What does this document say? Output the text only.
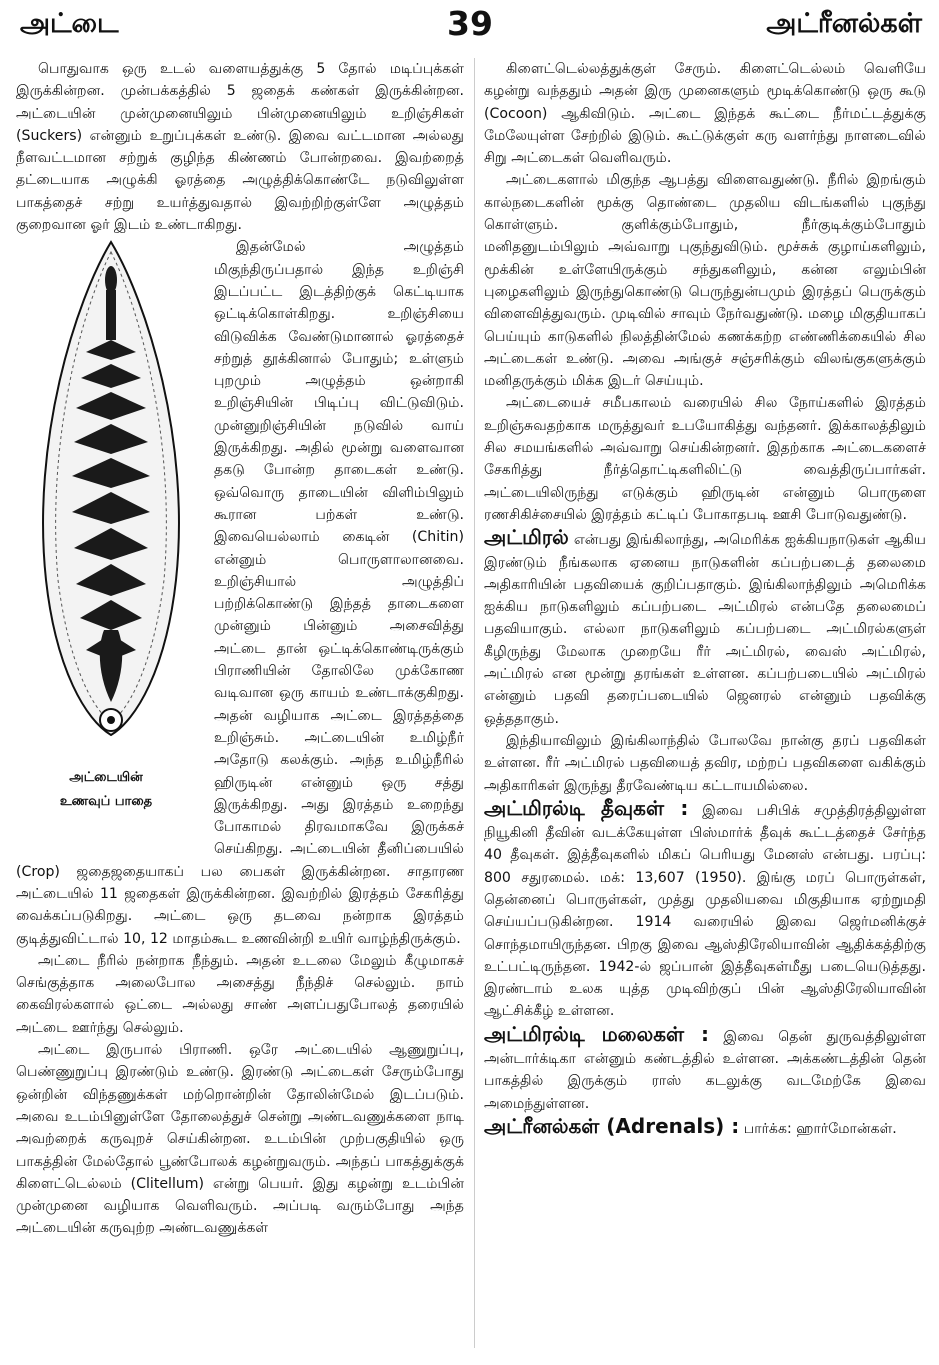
அட்டை	39	அட்ரீனல்கள்

பொதுவாக ஒரு உடல் வளையத்துக்கு 5 தோல் மடிப்புக்கள் இருக்கின்றன. முன்பக்கத்தில் 5 ஜதைக் கண்கள் இருக்கின்றன. அட்டையின் முன்முனையிலும் பின்முனையிலும் உறிஞ்சிகள் (Suckers) என்னும் உறுப்புக்கள் உண்டு. இவை வட்டமான அல்லது நீளவட்டமான சற்றுக் குழிந்த கிண்ணம் போன்றவை. இவற்றைத் தட்டையாக அழுக்கி ஓரத்தை அழுத்திக்கொண்டே நடுவிலுள்ள பாகத்தைச் சற்று உயர்த்துவதால் இவற்றிற்குள்ளே அழுத்தம் குறைவான ஓர் இடம் உண்டாகிறது.

அட்டையின்
உணவுப் பாதை

இதன்மேல் அழுத்தம் மிகுந்திருப்பதால் இந்த உறிஞ்சி இடப்பட்ட இடத்திற்குக் கெட்டியாக ஒட்டிக்கொள்கிறது. உறிஞ்சியை விடுவிக்க வேண்டுமானால் ஓரத்தைச் சற்றுத் தூக்கினால் போதும்; உள்ளும் புறமும் அழுத்தம் ஒன்றாகி உறிஞ்சியின் பிடிப்பு விட்டுவிடும். முன்னுறிஞ்சியின் நடுவில் வாய் இருக்கிறது. அதில் மூன்று வளைவான தகடு போன்ற தாடைகள் உண்டு. ஒவ்வொரு தாடையின் விளிம்பிலும் கூரான பற்கள் உண்டு. இவையெல்லாம் கைடின் (Chitin) என்னும் பொருளாலானவை. உறிஞ்சியால் அழுத்திப் பற்றிக்கொண்டு இந்தத் தாடைகளை முன்னும் பின்னும் அசைவித்து அட்டை தான் ஒட்டிக்கொண்டிருக்கும் பிராணியின் தோலிலே முக்கோண வடிவான ஒரு காயம் உண்டாக்குகிறது. அதன் வழியாக அட்டை இரத்தத்தை உறிஞ்சும். அட்டையின் உமிழ்நீர் அதோடு கலக்கும். அந்த உமிழ்நீரில் ஹிருடின் என்னும் ஒரு சத்து இருக்கிறது. அது இரத்தம் உறைந்து போகாமல் திரவமாகவே இருக்கச் செய்கிறது. அட்டையின் தீனிப்பையில் (Crop) ஜதைஜதையாகப் பல பைகள் இருக்கின்றன. சாதாரண அட்டையில் 11 ஜதைகள் இருக்கின்றன. இவற்றில் இரத்தம் சேகரித்து வைக்கப்படுகிறது. அட்டை ஒரு தடவை நன்றாக இரத்தம் குடித்துவிட்டால் 10, 12 மாதம்கூட உணவின்றி உயிர் வாழ்ந்திருக்கும்.

அட்டை நீரில் நன்றாக நீந்தும். அதன் உடலை மேலும் கீழுமாகச் செங்குத்தாக அலைபோல அசைத்து நீந்திச் செல்லும். நாம் கைவிரல்களால் ஒட்டை அல்லது சாண் அளப்பதுபோலத் தரையில் அட்டை ஊர்ந்து செல்லும்.

அட்டை இருபால் பிராணி. ஒரே அட்டையில் ஆணுறுப்பு, பெண்ணுறுப்பு இரண்டும் உண்டு. இரண்டு அட்டைகள் சேரும்போது ஒன்றின் விந்தணுக்கள் மற்றொன்றின் தோலின்மேல் இடப்படும். அவை உடம்பினுள்ளே தோலைத்துச் சென்று அண்டவணுக்களை நாடி அவற்றைக் கருவுறச் செய்கின்றன. உடம்பின் முற்பகுதியில் ஒரு பாகத்தின் மேல்தோல் பூண்போலக் கழன்றுவரும். அந்தப் பாகத்துக்குக் கிளைட்டெல்லம் (Clitellum) என்று பெயர். இது கழன்று உடம்பின் முன்முனை வழியாக வெளிவரும். அப்படி வரும்போது அந்த அட்டையின் கருவுற்ற அண்டவணுக்கள்

கிளைட்டெல்லத்துக்குள் சேரும். கிளைட்டெல்லம் வெளியே கழன்று வந்ததும் அதன் இரு முனைகளும் மூடிக்கொண்டு ஒரு கூடு (Cocoon) ஆகிவிடும். அட்டை இந்தக் கூட்டை நீர்மட்டத்துக்கு மேலேயுள்ள சேற்றில் இடும். கூட்டுக்குள் கரு வளர்ந்து நாளடைவில் சிறு அட்டைகள் வெளிவரும்.

அட்டைகளால் மிகுந்த ஆபத்து விளைவதுண்டு. நீரில் இறங்கும் கால்நடைகளின் மூக்கு தொண்டை முதலிய விடங்களில் புகுந்து கொள்ளும். குளிக்கும்போதும், நீர்குடிக்கும்போதும் மனிதனுடம்பிலும் அவ்வாறு புகுந்துவிடும். மூச்சுக் குழாய்களிலும், மூக்கின் உள்ளேயிருக்கும் சந்துகளிலும், கன்ன எலும்பின் புழைகளிலும் இருந்துகொண்டு பெருந்துன்பமும் இரத்தப் பெருக்கும் விளைவித்துவரும். முடிவில் சாவும் நேர்வதுண்டு. மழை மிகுதியாகப் பெய்யும் காடுகளில் நிலத்தின்மேல் கணக்கற்ற எண்ணிக்கையில் சில அட்டைகள் உண்டு. அவை அங்குச் சஞ்சரிக்கும் விலங்குகளுக்கும் மனிதருக்கும் மிக்க இடர் செய்யும்.

அட்டையைச் சமீபகாலம் வரையில் சில நோய்களில் இரத்தம் உறிஞ்சுவதற்காக மருத்துவர் உபயோகித்து வந்தனர். இக்காலத்திலும் சில சமயங்களில் அவ்வாறு செய்கின்றனர். இதற்காக அட்டைகளைச் சேகரித்து நீர்த்தொட்டிகளிலிட்டு வைத்திருப்பார்கள். அட்டையிலிருந்து எடுக்கும் ஹிருடின் என்னும் பொருளை ரணசிகிச்சையில் இரத்தம் கட்டிப் போகாதபடி ஊசி போடுவதுண்டு.

அட்மிரல் என்பது இங்கிலாந்து, அமெரிக்க ஐக்கியநாடுகள் ஆகிய இரண்டும் நீங்கலாக ஏனைய நாடுகளின் கப்பற்படைத் தலைமை அதிகாரியின் பதவியைக் குறிப்பதாகும். இங்கிலாந்திலும் அமெரிக்க ஐக்கிய நாடுகளிலும் கப்பற்படை அட்மிரல் என்பதே தலைமைப் பதவியாகும். எல்லா நாடுகளிலும் கப்பற்படை அட்மிரல்களுள் கீழிருந்து மேலாக முறையே ரீர் அட்மிரல், வைஸ் அட்மிரல், அட்மிரல் என மூன்று தரங்கள் உள்ளன. கப்பற்படையில் அட்மிரல் என்னும் பதவி தரைப்படையில் ஜெனரல் என்னும் பதவிக்கு ஒத்ததாகும்.

இந்தியாவிலும் இங்கிலாந்தில் போலவே நான்கு தரப் பதவிகள் உள்ளன. ரீர் அட்மிரல் பதவியைத் தவிர, மற்றப் பதவிகளை வகிக்கும் அதிகாரிகள் இருந்து தீரவேண்டிய கட்டாயமில்லை.

அட்மிரல்டி தீவுகள் : இவை பசிபிக் சமுத்திரத்திலுள்ள நியூகினி தீவின் வடக்கேயுள்ள பிஸ்மார்க் தீவுக் கூட்டத்தைச் சேர்ந்த 40 தீவுகள். இத்தீவுகளில் மிகப் பெரியது மேனஸ் என்பது. பரப்பு: 800 சதுரமைல். மக்: 13,607 (1950). இங்கு மரப் பொருள்கள், தென்னைப் பொருள்கள், முத்து முதலியவை மிகுதியாக ஏற்றுமதி செய்யப்படுகின்றன. 1914 வரையில் இவை ஜெர்மனிக்குச் சொந்தமாயிருந்தன. பிறகு இவை ஆஸ்திரேலியாவின் ஆதிக்கத்திற்கு உட்பட்டிருந்தன. 1942-ல் ஜப்பான் இத்தீவுகள்மீது படையெடுத்தது. இரண்டாம் உலக யுத்த முடிவிற்குப் பின் ஆஸ்திரேலியாவின் ஆட்சிக்கீழ் உள்ளன.

அட்மிரல்டி மலைகள் : இவை தென் துருவத்திலுள்ள அன்டார்க்டிகா என்னும் கண்டத்தில் உள்ளன. அக்கண்டத்தின் தென் பாகத்தில் இருக்கும் ராஸ் கடலுக்கு வடமேற்கே இவை அமைந்துள்ளன.

அட்ரீனல்கள் (Adrenals) : பார்க்க: ஹார்மோன்கள்.
